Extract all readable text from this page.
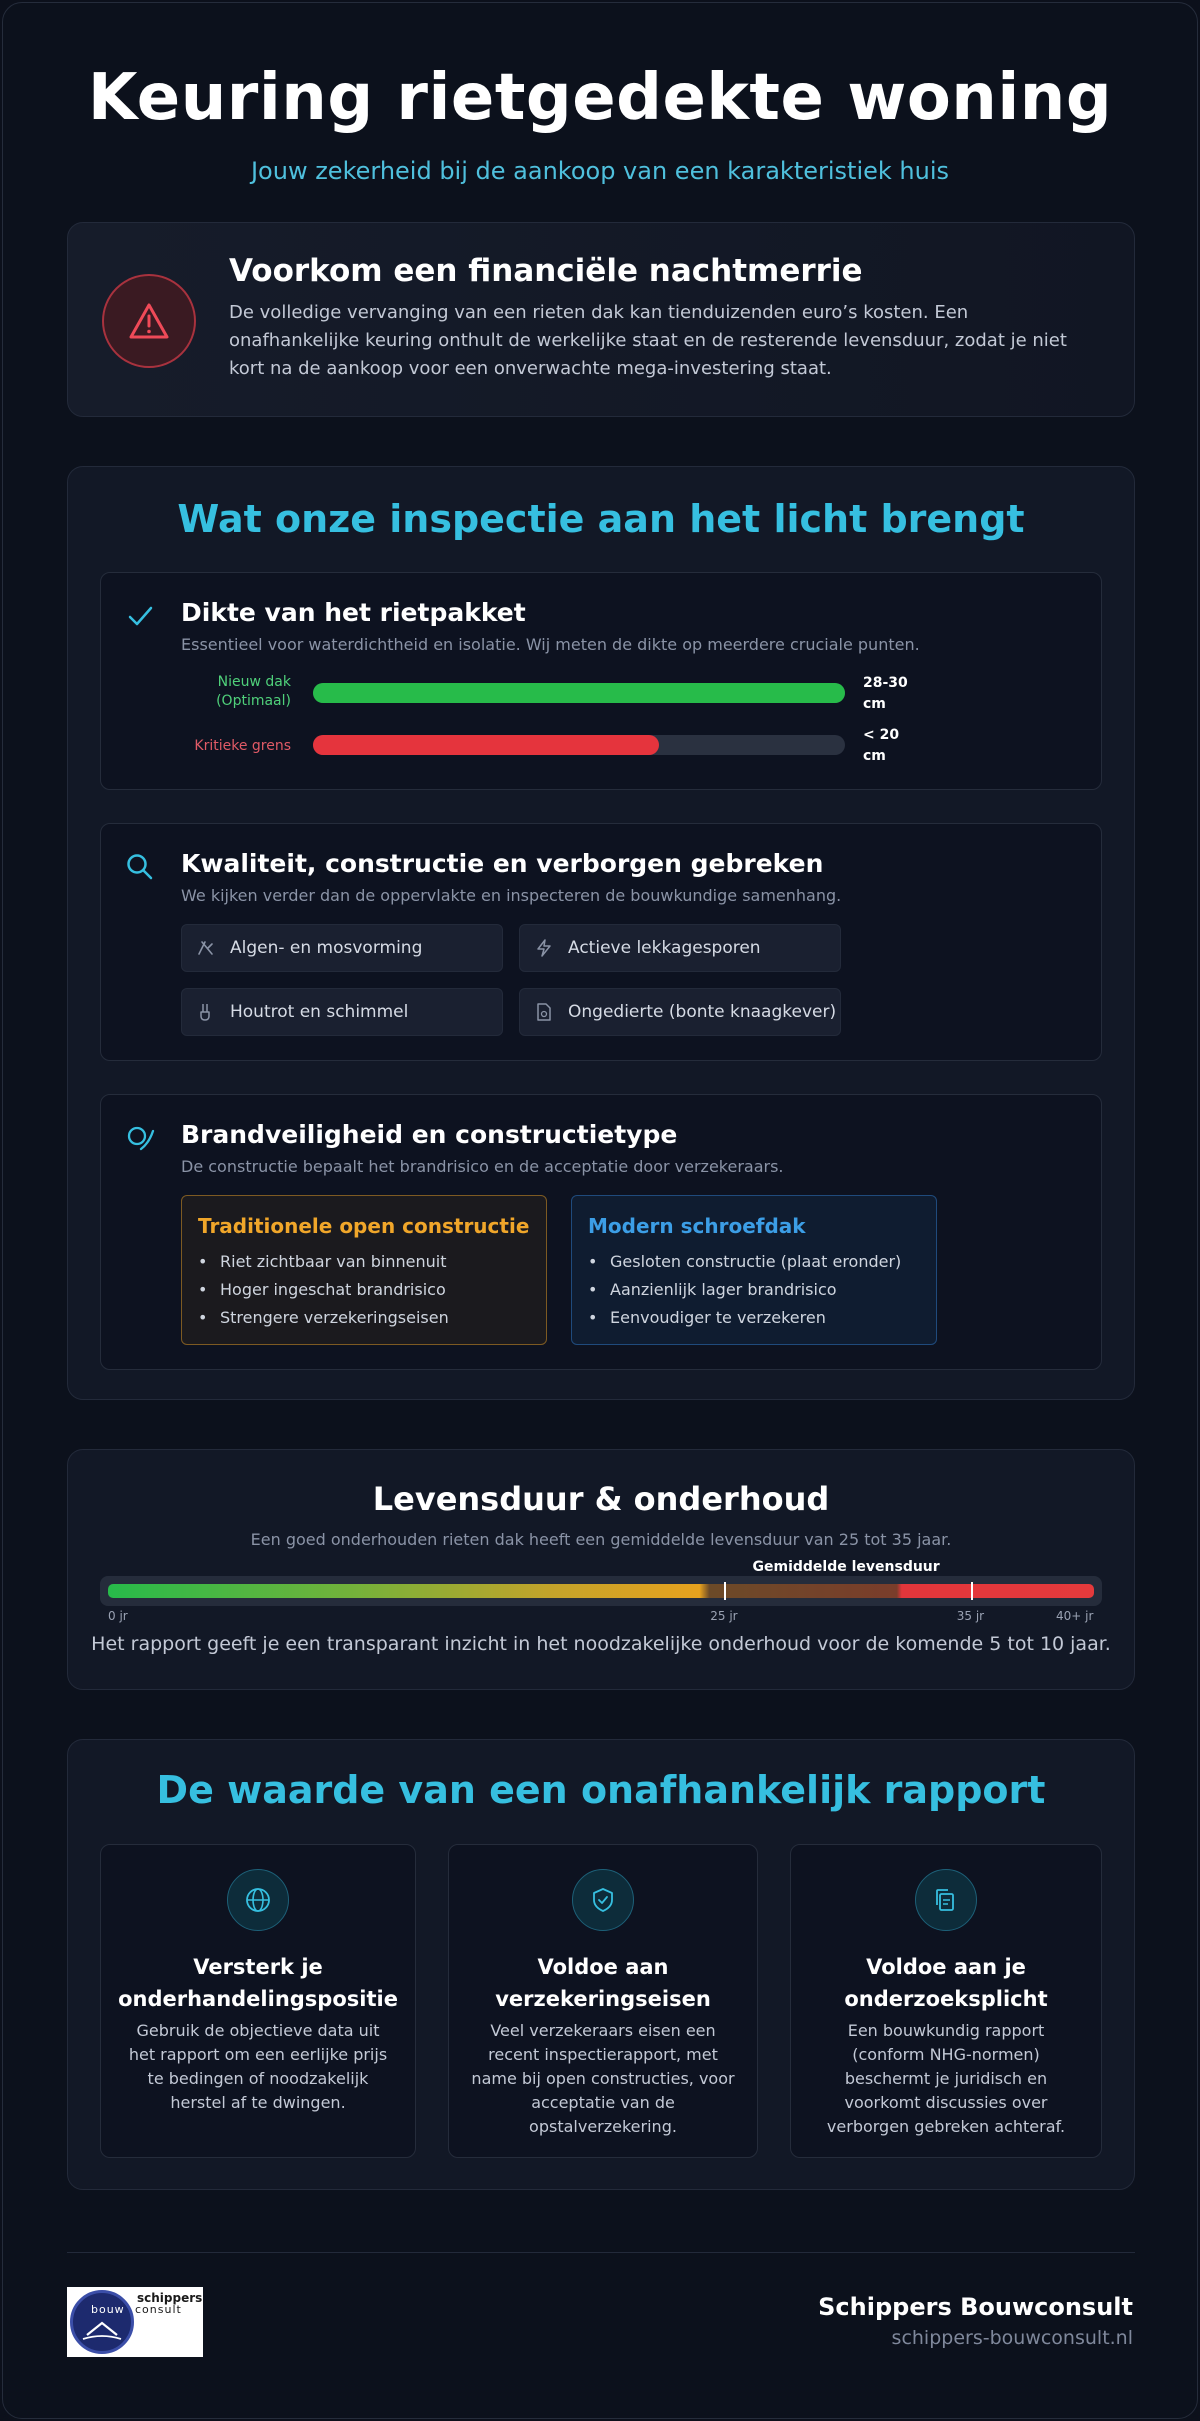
Keuring rietgedekte woning
Jouw zekerheid bij de aankoop van een karakteristiek huis
Voorkom een financiële nachtmerrie

De volledige vervanging van een rieten dak kan tienduizenden euro’s kosten. Een onafhankelijke keuring onthult de werkelijke staat en de resterende levensduur, zodat je niet kort na de aankoop voor een onverwachte mega-investering staat.

Wat onze inspectie aan het licht brengt
Dikte van het rietpakket
Essentieel voor waterdichtheid en isolatie. Wij meten de dikte op meerdere cruciale punten.
Nieuw dak
(Optimaal)
28-30
cm
Kritieke grens
< 20
cm
Kwaliteit, constructie en verborgen gebreken
We kijken verder dan de oppervlakte en inspecteren de bouwkundige samenhang.
Algen- en mosvorming	Actieve lekkagesporen
Houtrot en schimmel	Ongedierte (bonte knaagkever)
Brandveiligheid en constructietype
De constructie bepaalt het brandrisico en de acceptatie door verzekeraars.
Traditionele open constructie
• Riet zichtbaar van binnenuit
• Hoger ingeschat brandrisico
• Strengere verzekeringseisen
Modern schroefdak
• Gesloten constructie (plaat eronder)
• Aanzienlijk lager brandrisico
• Eenvoudiger te verzekeren
Levensduur & onderhoud
Een goed onderhouden rieten dak heeft een gemiddelde levensduur van 25 tot 35 jaar.
Gemiddelde levensduur
0 jr	25 jr	35 jr	40+ jr
Het rapport geeft je een transparant inzicht in het noodzakelijke onderhoud voor de komende 5 tot 10 jaar.
De waarde van een onafhankelijk rapport
Versterk je
onderhandelingspositie

Gebruik de objectieve data uit het rapport om een eerlijke prijs te bedingen of noodzakelijk herstel af te dwingen.

Voldoe aan
verzekeringseisen

Veel verzekeraars eisen een recent inspectierapport, met name bij open constructies, voor acceptatie van de opstalverzekering.

Voldoe aan je
onderzoeksplicht

Een bouwkundig rapport (conform NHG-normen) beschermt je juridisch en voorkomt discussies over verborgen gebreken achteraf.

schippers
bouw consult	Schippers Bouwconsult
schippers-bouwconsult.nl
